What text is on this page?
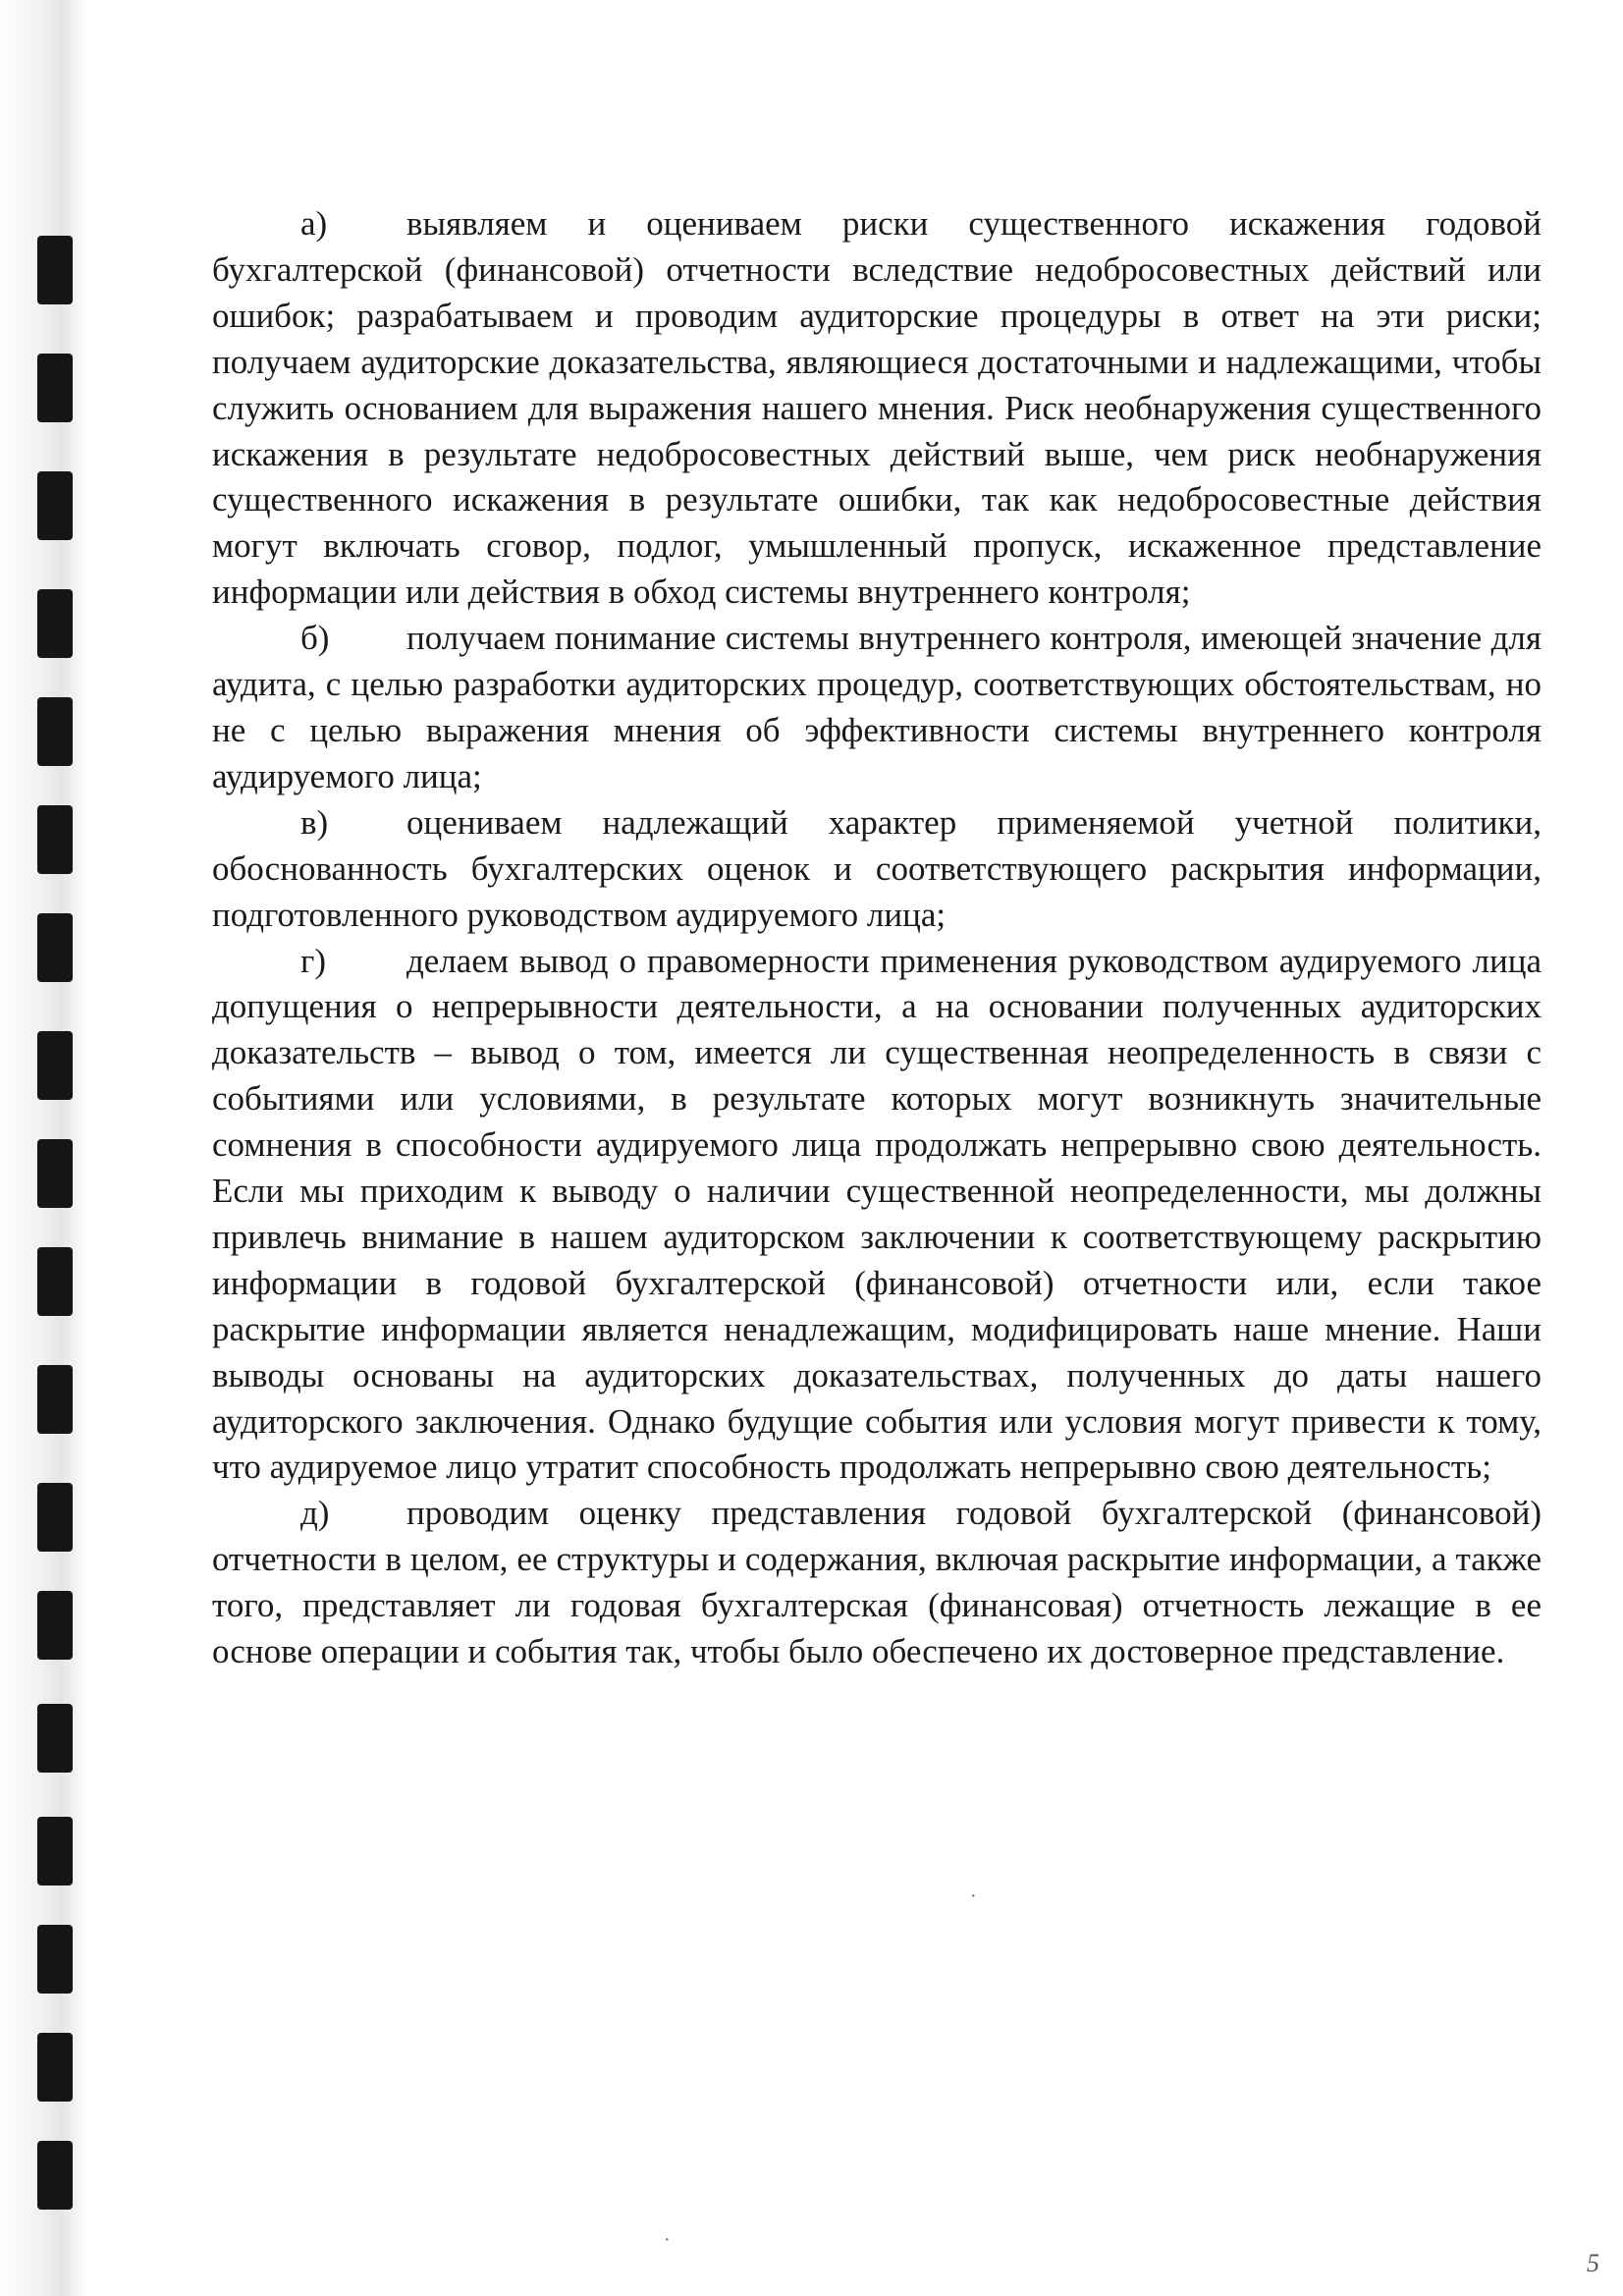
а) выявляем и оцениваем риски существенного искажения годовой бухгалтерской (финансовой) отчетности вследствие недобросовестных действий или ошибок; разрабатываем и проводим аудиторские процедуры в ответ на эти риски; получаем аудиторские доказательства, являющиеся достаточными и надлежащими, чтобы служить основанием для выражения нашего мнения. Риск необнаружения существенного искажения в результате недобросовестных действий выше, чем риск необнаружения существенного искажения в результате ошибки, так как недобросовестные действия могут включать сговор, подлог, умышленный пропуск, искаженное представление информации или действия в обход системы внутреннего контроля;

б) получаем понимание системы внутреннего контроля, имеющей значение для аудита, с целью разработки аудиторских процедур, соответствующих обстоятельствам, но не с целью выражения мнения об эффективности системы внутреннего контроля аудируемого лица;

в) оцениваем надлежащий характер применяемой учетной политики, обоснованность бухгалтерских оценок и соответствующего раскрытия информации, подготовленного руководством аудируемого лица;

г) делаем вывод о правомерности применения руководством аудируемого лица допущения о непрерывности деятельности, а на основании полученных аудиторских доказательств – вывод о том, имеется ли существенная неопределенность в связи с событиями или условиями, в результате которых могут возникнуть значительные сомнения в способности аудируемого лица продолжать непрерывно свою деятельность. Если мы приходим к выводу о наличии существенной неопределенности, мы должны привлечь внимание в нашем аудиторском заключении к соответствующему раскрытию информации в годовой бухгалтерской (финансовой) отчетности или, если такое раскрытие информации является ненадлежащим, модифицировать наше мнение. Наши выводы основаны на аудиторских доказательствах, полученных до даты нашего аудиторского заключения. Однако будущие события или условия могут привести к тому, что аудируемое лицо утратит способность продолжать непрерывно свою деятельность;

д) проводим оценку представления годовой бухгалтерской (финансовой) отчетности в целом, ее структуры и содержания, включая раскрытие информации, а также того, представляет ли годовая бухгалтерская (финансовая) отчетность лежащие в ее основе операции и события так, чтобы было обеспечено их достоверное представление.

·
·
5
